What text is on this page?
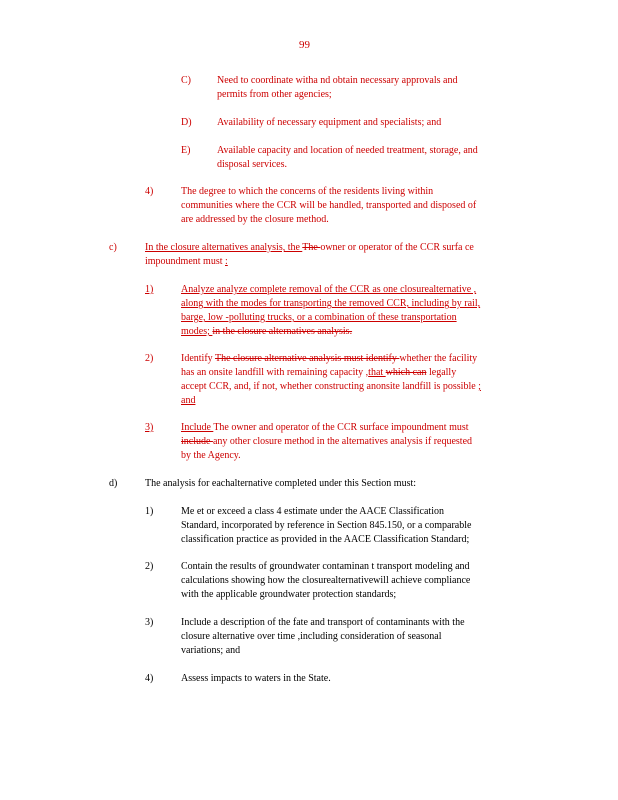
99
C)	Need to coordinate witha nd obtain necessary approvals and
permits from other agencies;
D)	Availability of necessary equipment and specialists; and
E)	Available capacity and location of needed treatment, storage, and
disposal services.
4)	The degree to which the concerns of the residents living within
communities where the CCR will be handled, transported and disposed of
are addressed by the closure method.
c)	In the closure alternatives analysis, the The owner or operator of the CCR surfa ce
impoundment must :
1)	Analyze analyze complete removal of the CCR as one closurealternative ,
along with the modes for transporting the removed CCR, including by rail,
barge, low -polluting trucks, or a combination of these transportation
modes; in the closure alternatives analysis.
2)	Identify The closure alternative analysis must identify whether the facility
has an onsite landfill with remaining capacity ,that which can legally
accept CCR, and, if not, whether constructing anonsite landfill is possible ;
and
3)	Include The owner and operator of the CCR surface impoundment must
include any other closure method in the alternatives analysis if requested
by the Agency.
d)	The analysis for eachalternative completed under this Section must:
1)	Me et or exceed a class 4 estimate under the AACE Classification
Standard, incorporated by reference in Section 845.150, or a comparable
classification practice as provided in the AACE Classification Standard;
2)	Contain the results of groundwater contaminan t transport modeling and
calculations showing how the closurealternativewill achieve compliance
with the applicable groundwater protection standards;
3)	Include a description of the fate and transport of contaminants with the
closure alternative over time ,including consideration of seasonal
variations; and
4)	Assess impacts to waters in the State.
